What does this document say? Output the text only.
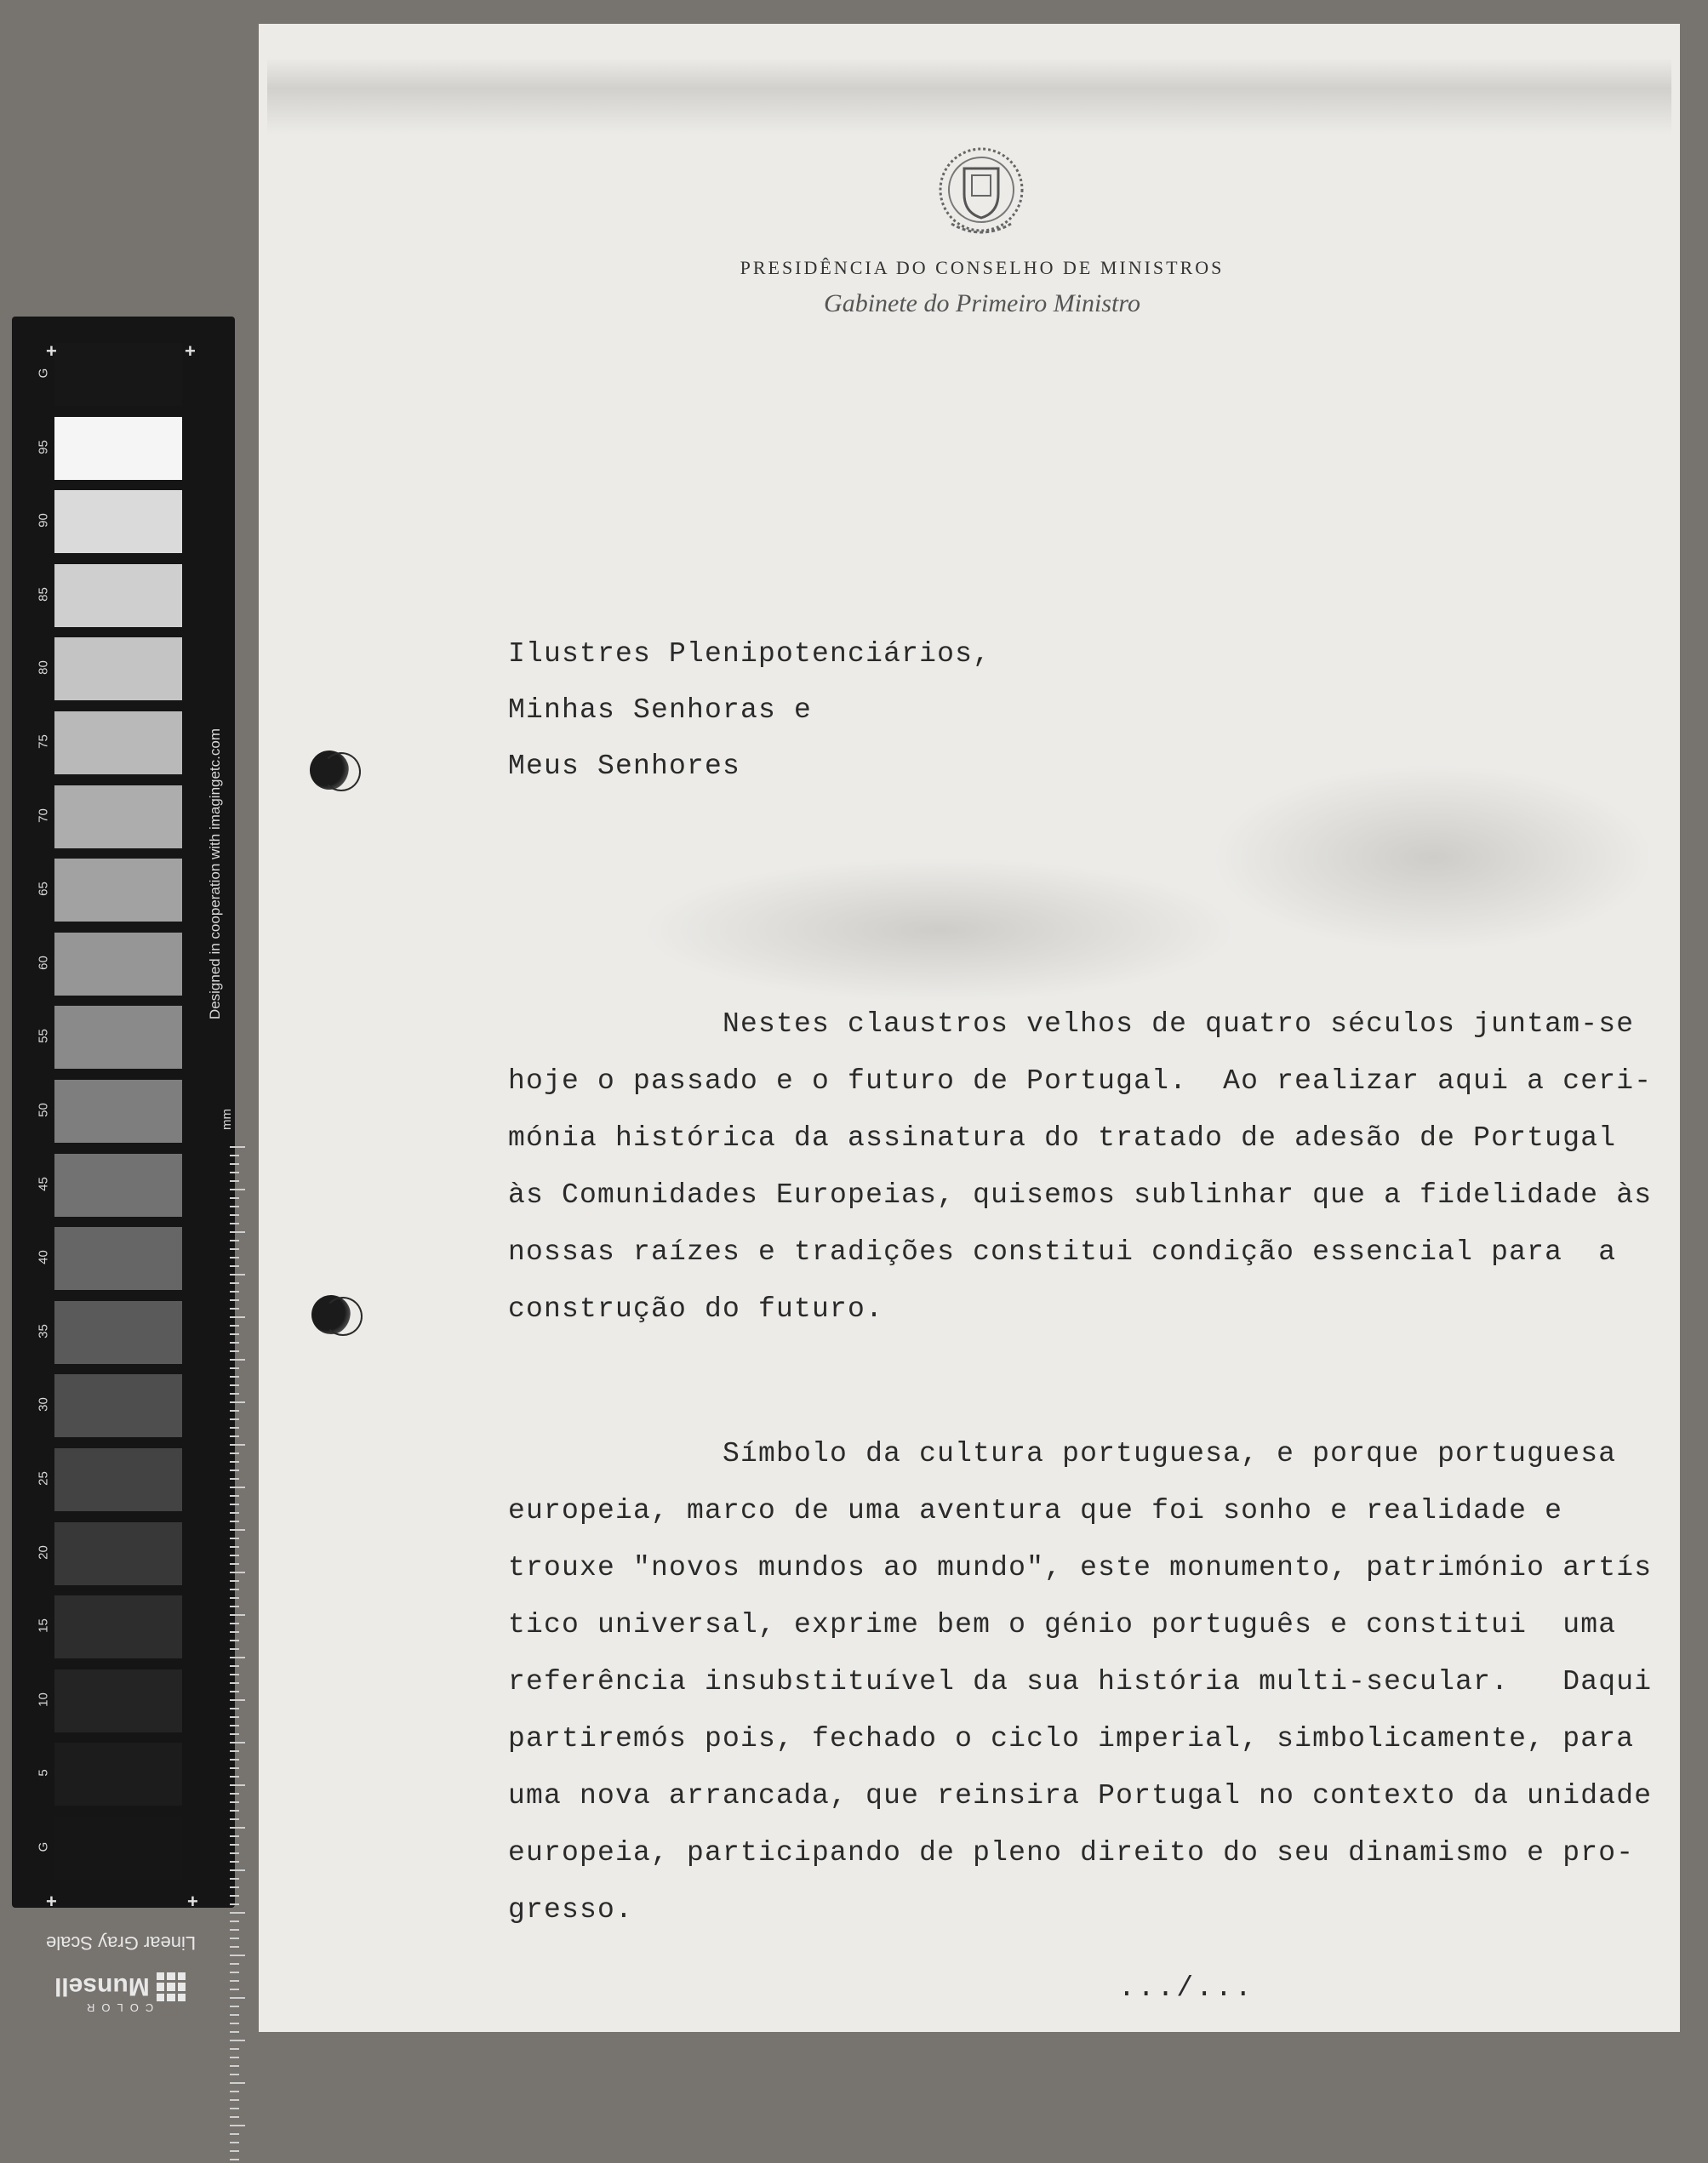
G
95
90
85
80
75
70
65
60
55
50
45
40
35
30
25
20
15
10
5
G
+	+
+	+
Designed in cooperation with imagingetc.com
mm
Linear Gray Scale
Munsell
COLOR
PRESIDÊNCIA DO CONSELHO DE MINISTROS
Gabinete do Primeiro Ministro
Ilustres Plenipotenciários,
Minhas Senhoras e
Meus Senhores
Nestes claustros velhos de quatro séculos juntam-se
hoje o passado e o futuro de Portugal.  Ao realizar aqui a ceri-
mónia histórica da assinatura do tratado de adesão de Portugal
às Comunidades Europeias, quisemos sublinhar que a fidelidade às
nossas raízes e tradições constitui condição essencial para  a
construção do futuro.
Símbolo da cultura portuguesa, e porque portuguesa
europeia, marco de uma aventura que foi sonho e realidade e
trouxe "novos mundos ao mundo", este monumento, património artís
tico universal, exprime bem o génio português e constitui  uma
referência insubstituível da sua história multi-secular.   Daqui
partiremós pois, fechado o ciclo imperial, simbolicamente, para
uma nova arrancada, que reinsira Portugal no contexto da unidade
europeia, participando de pleno direito do seu dinamismo e pro-
gresso.
.../...
